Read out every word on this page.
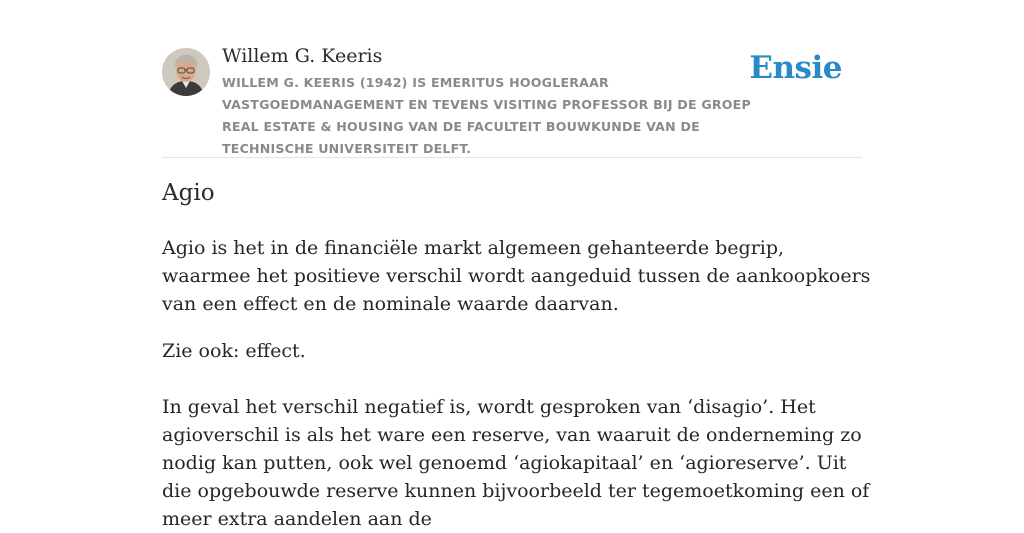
Willem G. Keeris
WILLEM G. KEERIS (1942) IS EMERITUS HOOGLERAAR VASTGOEDMANAGEMENT EN TEVENS VISITING PROFESSOR BIJ DE GROEP REAL ESTATE & HOUSING VAN DE FACULTEIT BOUWKUNDE VAN DE TECHNISCHE UNIVERSITEIT DELFT.
Ensie
Agio

Agio is het in de financiële markt algemeen gehanteerde begrip, waarmee het positieve verschil wordt aangeduid tussen de aankoopkoers van een effect en de nominale waarde daarvan.

Zie ook: effect.

In geval het verschil negatief is, wordt gesproken van ‘disagio’. Het agioverschil is als het ware een reserve, van waaruit de onderneming zo nodig kan putten, ook wel genoemd ‘agiokapitaal’ en ‘agioreserve’. Uit die opgebouwde reserve kunnen bijvoorbeeld ter tegemoetkoming een of meer extra aandelen aan de
